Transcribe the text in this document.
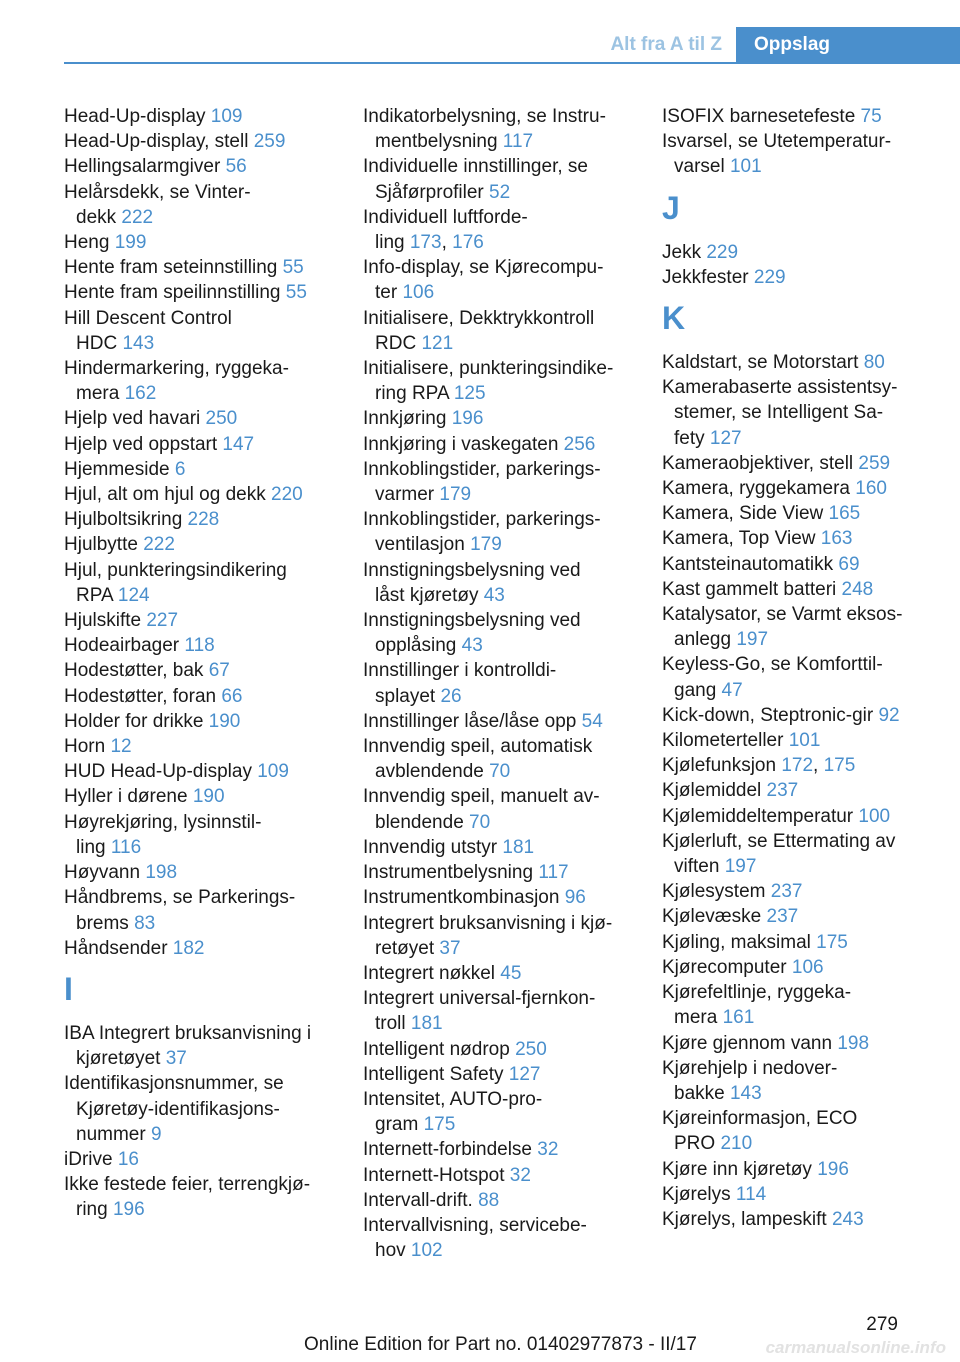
Alt fra A til Z	Oppslag

Head-Up-display 109

Head-Up-display, stell 259

Hellingsalarmgiver 56

Helårsdekk, se Vinter‐
dekk 222

Heng 199

Hente fram seteinnstilling 55

Hente fram speilinnstilling 55

Hill Descent Control
HDC 143

Hindermarkering, ryggeka‐
mera 162

Hjelp ved havari 250

Hjelp ved oppstart 147

Hjemmeside 6

Hjul, alt om hjul og dekk 220

Hjulboltsikring 228

Hjulbytte 222

Hjul, punkteringsindikering
RPA 124

Hjulskifte 227

Hodeairbager 118

Hodestøtter, bak 67

Hodestøtter, foran 66

Holder for drikke 190

Horn 12

HUD Head-Up-display 109

Hyller i dørene 190

Høyrekjøring, lysinnstil‐
ling 116

Høyvann 198

Håndbrems, se Parkerings‐
brems 83

Håndsender 182

I

IBA Integrert bruksanvisning i
kjøretøyet 37

Identifikasjonsnummer, se
Kjøretøy-identifikasjons‐
nummer 9

iDrive 16

Ikke festede feier, terrengkjø‐
ring 196

Indikatorbelysning, se Instru‐
mentbelysning 117

Individuelle innstillinger, se
Sjåførprofiler 52

Individuell luftforde‐
ling 173, 176

Info-display, se Kjørecompu‐
ter 106

Initialisere, Dekktrykkontroll
RDC 121

Initialisere, punkteringsindike‐
ring RPA 125

Innkjøring 196

Innkjøring i vaskegaten 256

Innkoblingstider, parkerings‐
varmer 179

Innkoblingstider, parkerings‐
ventilasjon 179

Innstigningsbelysning ved
låst kjøretøy 43

Innstigningsbelysning ved
opplåsing 43

Innstillinger i kontrolldi‐
splayet 26

Innstillinger låse/låse opp 54

Innvendig speil, automatisk
avblendende 70

Innvendig speil, manuelt av‐
blendende 70

Innvendig utstyr 181

Instrumentbelysning 117

Instrumentkombinasjon 96

Integrert bruksanvisning i kjø‐
retøyet 37

Integrert nøkkel 45

Integrert universal-fjernkon‐
troll 181

Intelligent nødrop 250

Intelligent Safety 127

Intensitet, AUTO-pro‐
gram 175

Internett-forbindelse 32

Internett-Hotspot 32

Intervall-drift. 88

Intervallvisning, servicebe‐
hov 102

ISOFIX barnesetefeste 75

Isvarsel, se Utetemperatur‐
varsel 101

J

Jekk 229

Jekkfester 229

K

Kaldstart, se Motorstart 80

Kamerabaserte assistentsy‐
stemer, se Intelligent Sa‐
fety 127

Kameraobjektiver, stell 259

Kamera, ryggekamera 160

Kamera, Side View 165

Kamera, Top View 163

Kantsteinautomatikk 69

Kast gammelt batteri 248

Katalysator, se Varmt eksos‐
anlegg 197

Keyless-Go, se Komforttil‐
gang 47

Kick-down, Steptronic-gir 92

Kilometerteller 101

Kjølefunksjon 172, 175

Kjølemiddel 237

Kjølemiddeltemperatur 100

Kjølerluft, se Ettermating av
viften 197

Kjølesystem 237

Kjølevæske 237

Kjøling, maksimal 175

Kjørecomputer 106

Kjørefeltlinje, ryggeka‐
mera 161

Kjøre gjennom vann 198

Kjørehjelp i nedover‐
bakke 143

Kjøreinformasjon, ECO
PRO 210

Kjøre inn kjøretøy 196

Kjørelys 114

Kjørelys, lampeskift 243

279
Online Edition for Part no. 01402977873 - II/17	carmanualsonline.info
